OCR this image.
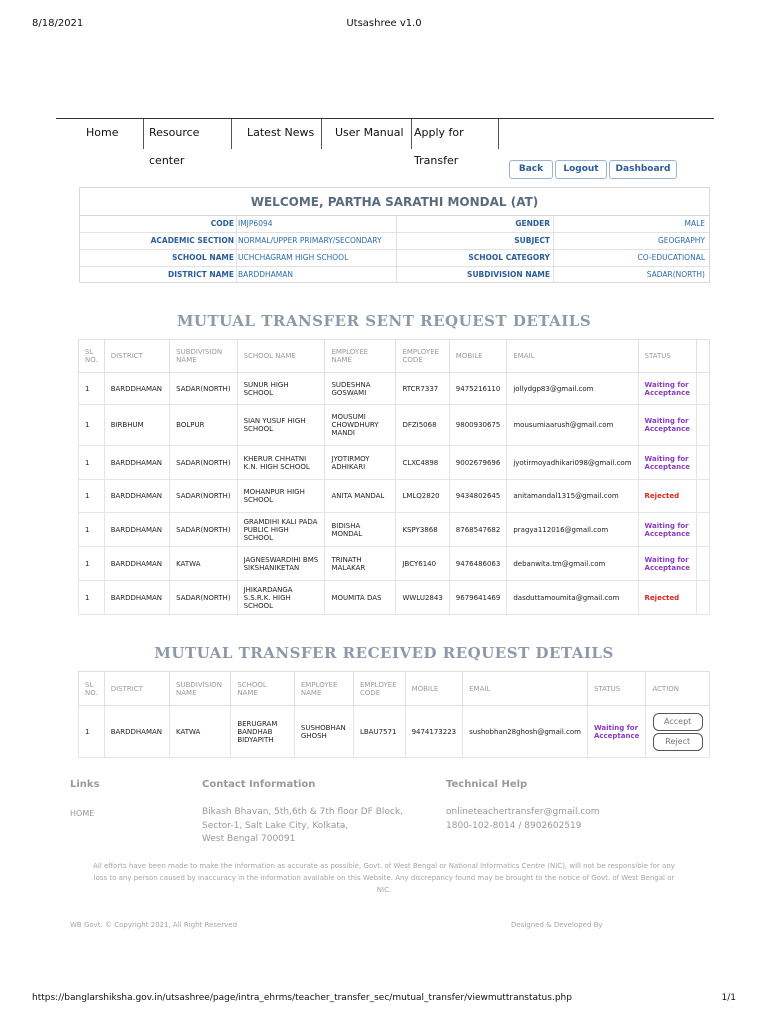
8/18/2021	Utsashree v1.0
Home	Resource center
Latest News	User Manual Apply for Transfer
Back	Logout	Dashboard
WELCOME, PARTHA SARATHI MONDAL (AT)
CODE IMJP6094	GENDER	MALE
ACADEMIC SECTION NORMAL/UPPER PRIMARY/SECONDARY	SUBJECT	GEOGRAPHY
SCHOOL NAME UCHCHAGRAM HIGH SCHOOL	SCHOOL CATEGORY	CO-EDUCATIONAL
DISTRICT NAME BARDDHAMAN	SUBDIVISION NAME	SADAR(NORTH)
MUTUAL TRANSFER SENT REQUEST DETAILS
SL NO.	DISTRICT	SUBDIVISION NAME	SCHOOL NAME	EMPLOYEE NAME	EMPLOYEE CODE	MOBILE	EMAIL	STATUS	
1	BARDDHAMAN	SADAR(NORTH)	SUNUR HIGH SCHOOL	SUDESHNA GOSWAMI	RTCR7337	9475216110	jollydgp83@gmail.com	Waiting for Acceptance	
1	BIRBHUM	BOLPUR	SIAN YUSUF HIGH SCHOOL	MOUSUMI CHOWDHURY MANDI	DFZI5068	9800930675	mousumiaarush@gmail.com	Waiting for Acceptance	
1	BARDDHAMAN	SADAR(NORTH)	KHERUR CHHATNI K.N. HIGH SCHOOL	JYOTIRMOY ADHIKARI	CLXC4898	9002679696	jyotirmoyadhikari098@gmail.com	Waiting for Acceptance	
1	BARDDHAMAN	SADAR(NORTH)	MOHANPUR HIGH SCHOOL	ANITA MANDAL	LMLQ2820	9434802645	anitamandal1315@gmail.com	Rejected	
1	BARDDHAMAN	SADAR(NORTH)	GRAMDIHI KALI PADA PUBLIC HIGH SCHOOL	BIDISHA MONDAL	KSPY3868	8768547682	pragya112016@gmail.com	Waiting for Acceptance	
1	BARDDHAMAN	KATWA	JAGNESWARDIHI BMS SIKSHANIKETAN	TRINATH MALAKAR	JBCY6140	9476486063	debanwita.tm@gmail.com	Waiting for Acceptance	
1	BARDDHAMAN	SADAR(NORTH)	JHIKARDANGA S.S.R.K. HIGH SCHOOL	MOUMITA DAS	WWLU2843	9679641469	dasduttamoumita@gmail.com	Rejected	
MUTUAL TRANSFER RECEIVED REQUEST DETAILS
SL NO.	DISTRICT	SUBDIVISION NAME	SCHOOL NAME	EMPLOYEE NAME	EMPLOYEE CODE	MOBILE	EMAIL	STATUS	ACTION
1	BARDDHAMAN	KATWA	BERUGRAM BANDHAB BIDYAPITH	SUSHOBHAN GHOSH	LBAU7571	9474173223	sushobhan28ghosh@gmail.com	Waiting for Acceptance	Accept
Reject
Links
HOME
Contact Information
Bikash Bhavan, 5th,6th & 7th floor DF Block,
Sector-1, Salt Lake City, Kolkata,
West Bengal 700091
Technical Help
onlineteachertransfer@gmail.com
1800-102-8014 / 8902602519
All efforts have been made to make the information as accurate as possible, Govt. of West Bengal or National Informatics Centre (NIC), will not be responsible for any loss to any person caused by inaccuracy in the information available on this Website. Any discrepancy found may be brought to the notice of Govt. of West Bengal or NIC.
WB Govt. © Copyright 2021, All Right Reserved	Designed & Developed By
https://banglarshiksha.gov.in/utsashree/page/intra_ehrms/teacher_transfer_sec/mutual_transfer/viewmuttranstatus.php	1/1
